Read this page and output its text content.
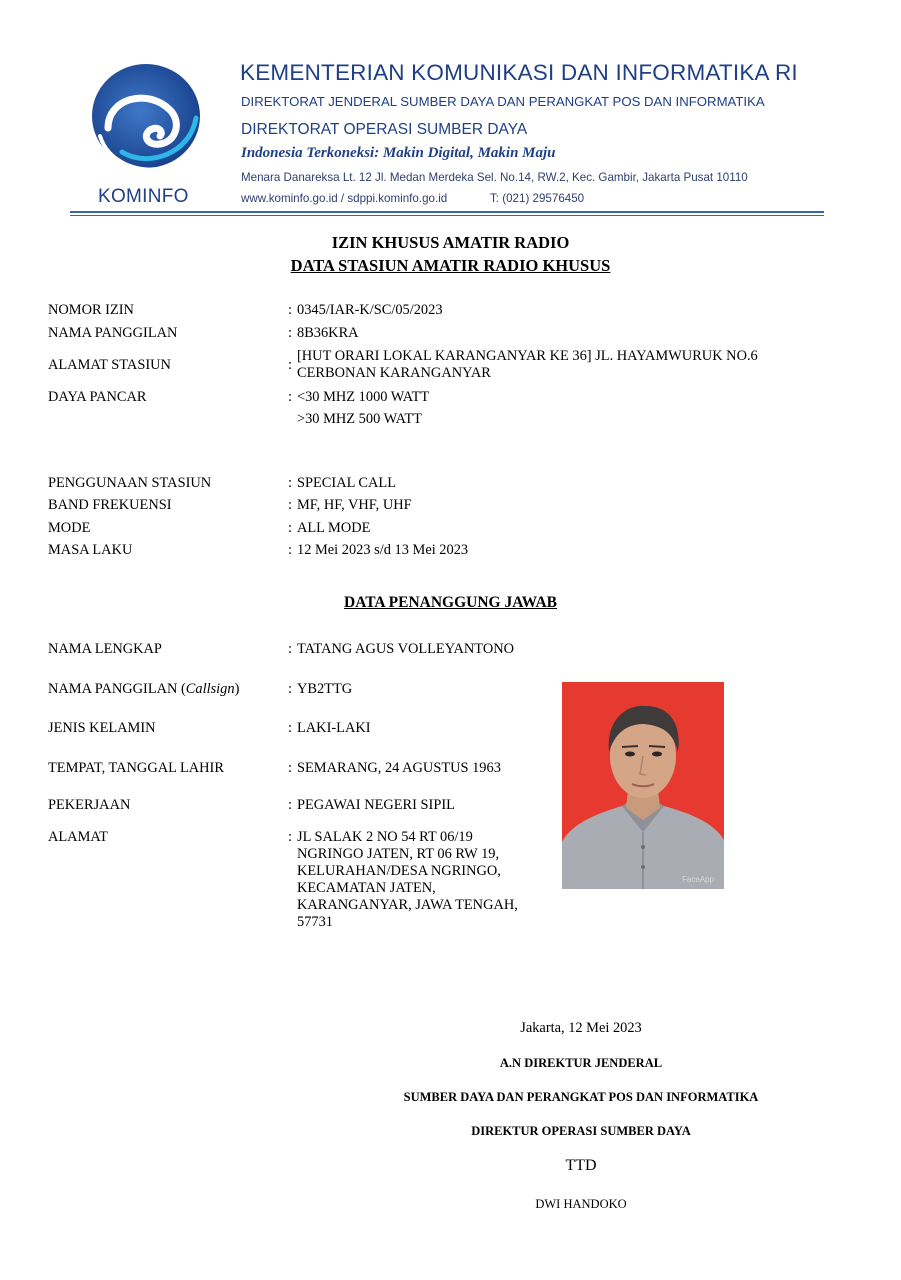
KOMINFO
KEMENTERIAN KOMUNIKASI DAN INFORMATIKA RI
DIREKTORAT JENDERAL SUMBER DAYA DAN PERANGKAT POS DAN INFORMATIKA
DIREKTORAT OPERASI SUMBER DAYA
Indonesia Terkoneksi: Makin Digital, Makin Maju
Menara Danareksa Lt. 12 Jl. Medan Merdeka Sel. No.14, RW.2, Kec. Gambir, Jakarta Pusat 10110
www.kominfo.go.id / sdppi.kominfo.go.id	T: (021) 29576450
IZIN KHUSUS AMATIR RADIO
DATA STASIUN AMATIR RADIO KHUSUS
NOMOR IZIN	: 0345/IAR-K/SC/05/2023
NAMA PANGGILAN	: 8B36KRA
ALAMAT STASIUN	:
[HUT ORARI LOKAL KARANGANYAR KE 36] JL. HAYAMWURUK NO.6
CERBONAN KARANGANYAR
DAYA PANCAR	: <30 MHZ 1000 WATT
>30 MHZ 500 WATT
PENGGUNAAN STASIUN	: SPECIAL CALL
BAND FREKUENSI	: MF, HF, VHF, UHF
MODE	: ALL MODE
MASA LAKU	: 12 Mei 2023 s/d 13 Mei 2023
DATA PENANGGUNG JAWAB
NAMA LENGKAP	: TATANG AGUS VOLLEYANTONO
NAMA PANGGILAN (Callsign)	: YB2TTG
JENIS KELAMIN	: LAKI-LAKI
TEMPAT, TANGGAL LAHIR	: SEMARANG, 24 AGUSTUS 1963
PEKERJAAN	: PEGAWAI NEGERI SIPIL
ALAMAT	: JL SALAK 2 NO 54 RT 06/19
NGRINGO JATEN, RT 06 RW 19,
KELURAHAN/DESA NGRINGO,
KECAMATAN JATEN,
KARANGANYAR, JAWA TENGAH,
57731
FaceApp
Jakarta, 12 Mei 2023
A.N DIREKTUR JENDERAL
SUMBER DAYA DAN PERANGKAT POS DAN INFORMATIKA
DIREKTUR OPERASI SUMBER DAYA
TTD
DWI HANDOKO
